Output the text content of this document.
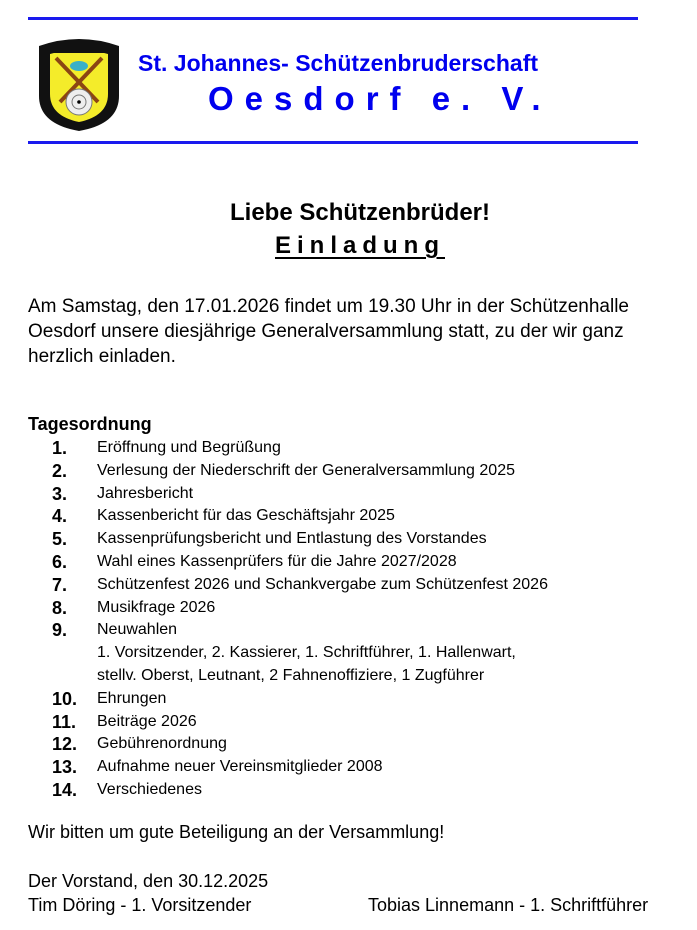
St. Johannes- Schützenbruderschaft
Oesdorf e. V.
Liebe Schützenbrüder!
Einladung
Am Samstag, den 17.01.2026 findet um 19.30 Uhr in der Schützenhalle Oesdorf unsere diesjährige Generalversammlung statt, zu der wir ganz herzlich einladen.
Tagesordnung
1. Eröffnung und Begrüßung
2. Verlesung der Niederschrift der Generalversammlung 2025
3. Jahresbericht
4. Kassenbericht für das Geschäftsjahr 2025
5. Kassenprüfungsbericht und Entlastung des Vorstandes
6. Wahl eines Kassenprüfers für die Jahre 2027/2028
7. Schützenfest 2026 und Schankvergabe zum Schützenfest 2026
8. Musikfrage 2026
9. Neuwahlen
1. Vorsitzender, 2. Kassierer, 1. Schriftführer, 1. Hallenwart,
stellv. Oberst, Leutnant, 2 Fahnenoffiziere, 1 Zugführer
10. Ehrungen
11. Beiträge 2026
12. Gebührenordnung
13. Aufnahme neuer Vereinsmitglieder 2008
14. Verschiedenes
Wir bitten um gute Beteiligung an der Versammlung!
Der Vorstand, den 30.12.2025
Tim Döring - 1. Vorsitzender	Tobias Linnemann - 1. Schriftführer
